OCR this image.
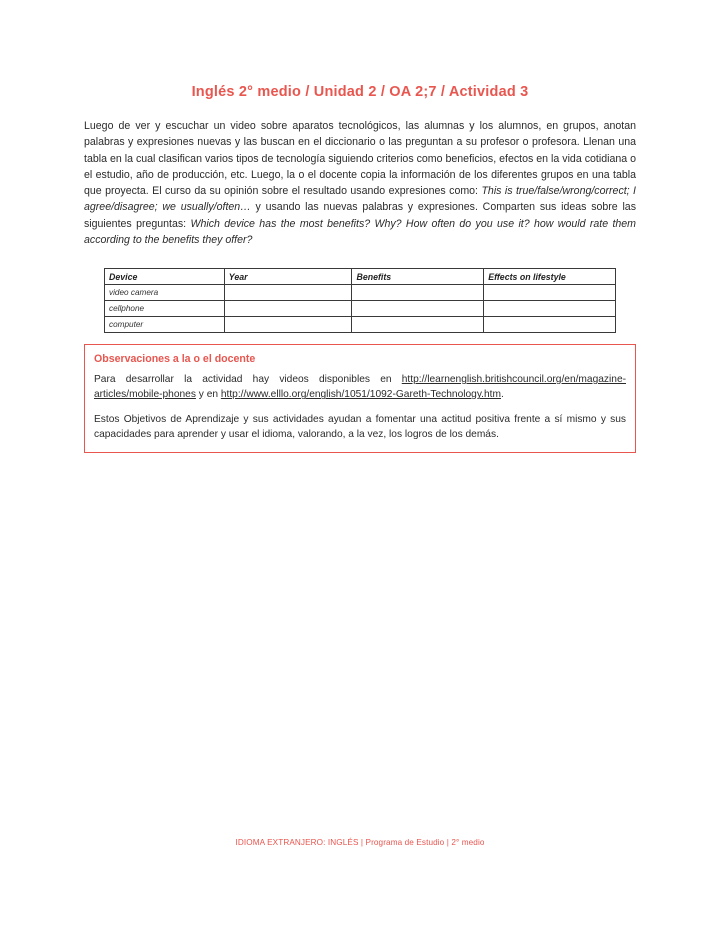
Inglés 2° medio / Unidad 2 / OA 2;7 / Actividad 3

Luego de ver y escuchar un video sobre aparatos tecnológicos, las alumnas y los alumnos, en grupos, anotan palabras y expresiones nuevas y las buscan en el diccionario o las preguntan a su profesor o profesora. Llenan una tabla en la cual clasifican varios tipos de tecnología siguiendo criterios como beneficios, efectos en la vida cotidiana o el estudio, año de producción, etc. Luego, la o el docente copia la información de los diferentes grupos en una tabla que proyecta. El curso da su opinión sobre el resultado usando expresiones como: This is true/false/wrong/correct; I agree/disagree; we usually/often… y usando las nuevas palabras y expresiones. Comparten sus ideas sobre las siguientes preguntas: Which device has the most benefits? Why? How often do you use it? how would rate them according to the benefits they offer?

Device	Year	Benefits	Effects on lifestyle
video camera			
cellphone			
computer			
Observaciones a la o el docente

Para desarrollar la actividad hay videos disponibles en http://learnenglish.britishcouncil.org/en/magazine-articles/mobile-phones y en http://www.elllo.org/english/1051/1092-Gareth-Technology.htm.

Estos Objetivos de Aprendizaje y sus actividades ayudan a fomentar una actitud positiva frente a sí mismo y sus capacidades para aprender y usar el idioma, valorando, a la vez, los logros de los demás.

IDIOMA EXTRANJERO: INGLÉS | Programa de Estudio | 2° medio
